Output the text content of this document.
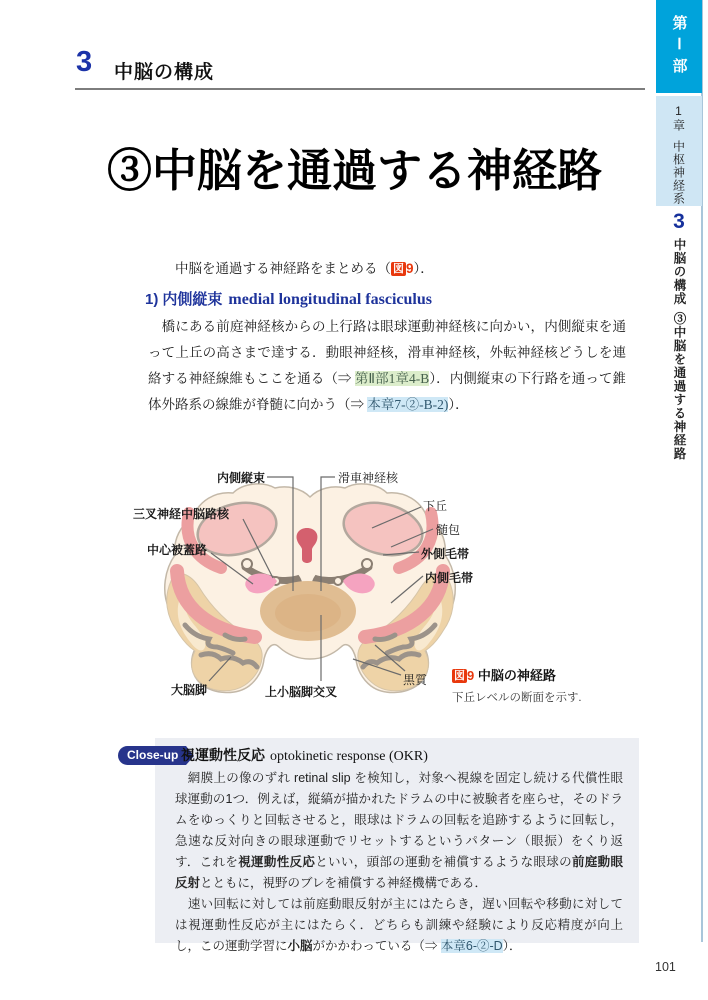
3 中脳の構成	第Ⅰ部
1章
中枢神経系
3
中脳の構成
③中脳を通過する神経路
③中脳を通過する神経路

　　中脳を通過する神経路をまとめる（ 図 9）．

1) 内側縦束 medial longitudinal fasciculus

　橋にある前庭神経核からの上行路は眼球運動神経核に向かい，内側縦束を通って上丘の高さまで達する．動眼神経核，滑車神経核，外転神経核どうしを連絡する神経線維もここを通る（⇒ 第Ⅱ部1章4-B）．内側縦束の下行路を通って錐体外路系の線維が脊髄に向かう（⇒ 本章7-②-B-2)）．

内側縦束	滑車神経核
下丘
髄包
三叉神経中脳路核
中心被蓋路	外側毛帯
内側毛帯
大脳脚	上小脳脚交叉
黒質 図 9 中脳の神経路
下丘レベルの断面を示す.
Close-up 視運動性反応 optokinetic response (OKR)

　網膜上の像のずれ retinal slip を検知し，対象へ視線を固定し続ける代償性眼球運動の1つ．例えば，縦縞が描かれたドラムの中に被験者を座らせ，そのドラムをゆっくりと回転させると，眼球はドラムの回転を追跡するように回転し，急速な反対向きの眼球運動でリセットするというパターン（眼振）をくり返す．これを視運動性反応といい，頭部の運動を補償するような眼球の前庭動眼反射とともに，視野のブレを補償する神経機構である．

　速い回転に対しては前庭動眼反射が主にはたらき，遅い回転や移動に対しては視運動性反応が主にはたらく．どちらも訓練や経験により反応精度が向上し，この運動学習に小脳がかかわっている（⇒ 本章6-②-D）．

101
